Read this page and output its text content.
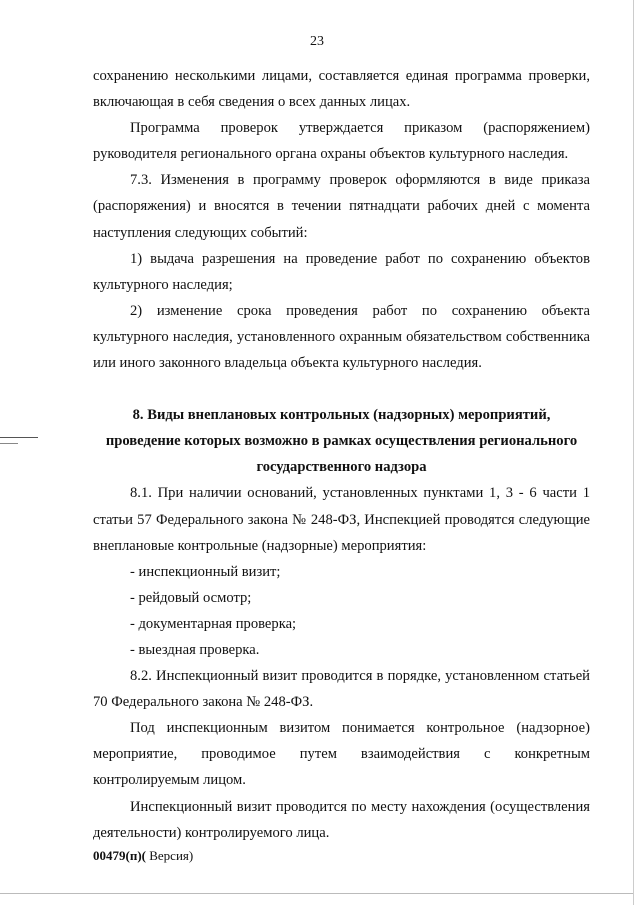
23

сохранению несколькими лицами, составляется единая программа проверки, включающая в себя сведения о всех данных лицах.

Программа проверок утверждается приказом (распоряжением) руководителя регионального органа охраны объектов культурного наследия.

7.3. Изменения в программу проверок оформляются в виде приказа (распоряжения) и вносятся в течении пятнадцати рабочих дней с момента наступления следующих событий:

1) выдача разрешения на проведение работ по сохранению объектов культурного наследия;

2) изменение срока проведения работ по сохранению объекта культурного наследия, установленного охранным обязательством собственника или иного законного владельца объекта культурного наследия.

8. Виды внеплановых контрольных (надзорных) мероприятий,
проведение которых возможно в рамках осуществления регионального
государственного надзора

8.1. При наличии оснований, установленных пунктами 1, 3 - 6 части 1 статьи 57 Федерального закона № 248-ФЗ, Инспекцией проводятся следующие внеплановые контрольные (надзорные) мероприятия:

- инспекционный визит;

- рейдовый осмотр;

- документарная проверка;

- выездная проверка.

8.2. Инспекционный визит проводится в порядке, установленном статьей 70 Федерального закона № 248-ФЗ.

Под инспекционным визитом понимается контрольное (надзорное) мероприятие, проводимое путем взаимодействия с конкретным контролируемым лицом.

Инспекционный визит проводится по месту нахождения (осуществления деятельности) контролируемого лица.

00479(п)( Версия)
